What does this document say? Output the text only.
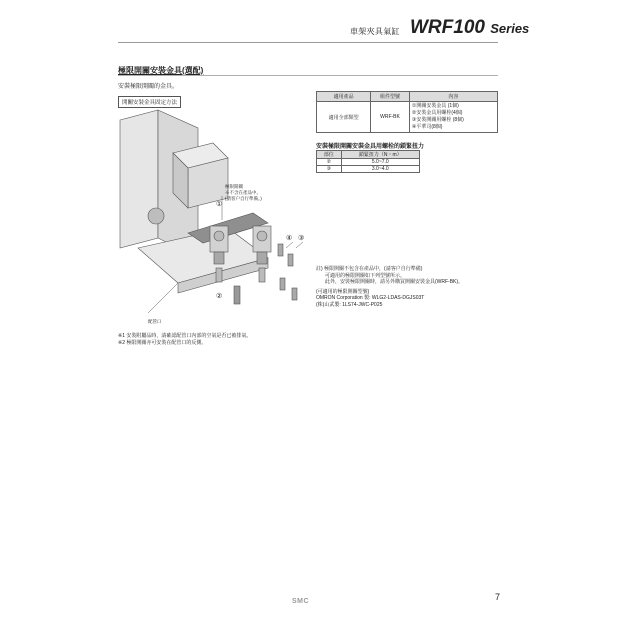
車架夾具氣缸 WRF100 Series
極限開關安裝金具(選配)
安裝極限開關的金具。
開關安裝金具固定方法
適用產品	組件型號	內容
適用全部類型	WRF-BK	①開關安裝金具 (1個)
②安裝金具用螺栓(4個)
③安裝開關用螺栓 (8個)
④平華司(8個)
安裝極限開關安裝金具用螺栓的鎖緊扭力
部位	鎖緊扭力（N・m）
②	5.0~7.0
③	3.0~4.0
極限開關
※不含在產品中。
(請客户自行準備。)
①
②
③
④
配管口

註) 極限開關不包含在產品中，(請客户自行準備)

可適用的極限開關如下列型號所示。

此外，安裝極限開關時，請另外購買開關安裝金具(WRF-BK)。

(可適用的極限開關型號)

OMRON Corporation 製: WLG2-LDAS-DGJS03T

(株)山武製: 1LS74-JWC-P025

※1 安裝附屬品時，請確認配管口內部的空氣是否已被排氣。

※2 極限開關亦可安裝在配管口的反側。

SMC	7
